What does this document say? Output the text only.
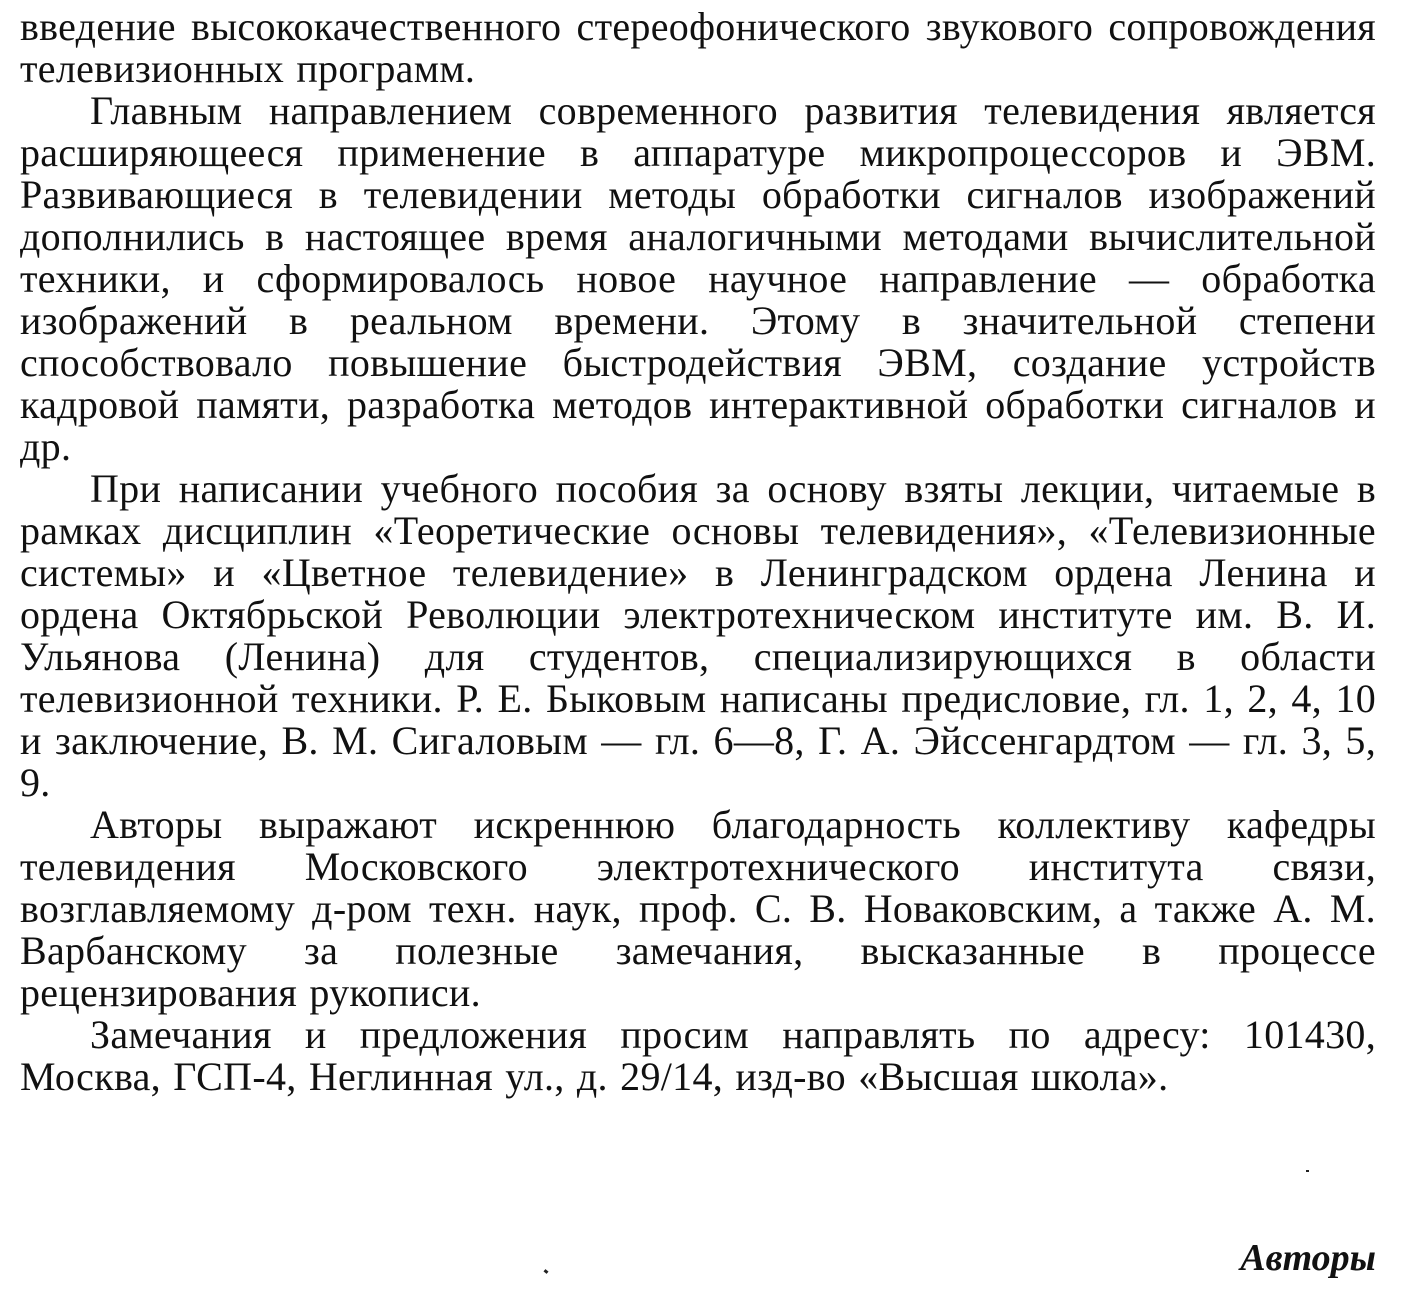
введение высококачественного стереофонического звукового сопровождения телевизионных программ.

Главным направлением современного развития телевидения является расширяющееся применение в аппаратуре микропроцессоров и ЭВМ. Развивающиеся в телевидении методы обработки сигналов изображений дополнились в настоящее время аналогичными методами вычислительной техники, и сформировалось новое научное направление — обработка изображений в реальном времени. Этому в значительной степени способствовало повышение быстродействия ЭВМ, создание устройств кадровой памяти, разработка методов интерактивной обработки сигналов и др.

При написании учебного пособия за основу взяты лекции, читаемые в рамках дисциплин «Теоретические основы телевидения», «Телевизионные системы» и «Цветное телевидение» в Ленинградском ордена Ленина и ордена Октябрьской Революции электротехническом институте им. В. И. Ульянова (Ленина) для студентов, специализирующихся в области телевизионной техники. Р. Е. Быковым написаны предисловие, гл. 1, 2, 4, 10 и заключение, В. М. Сигаловым — гл. 6—8, Г. А. Эйссенгардтом — гл. 3, 5, 9.

Авторы выражают искреннюю благодарность коллективу кафедры телевидения Московского электротехнического института связи, возглавляемому д-ром техн. наук, проф. С. В. Новаковским, а также А. М. Варбанскому за полезные замечания, высказанные в процессе рецензирования рукописи.

Замечания и предложения просим направлять по адресу: 101430, Москва, ГСП-4, Неглинная ул., д. 29/14, изд-во «Высшая школа».

Авторы
